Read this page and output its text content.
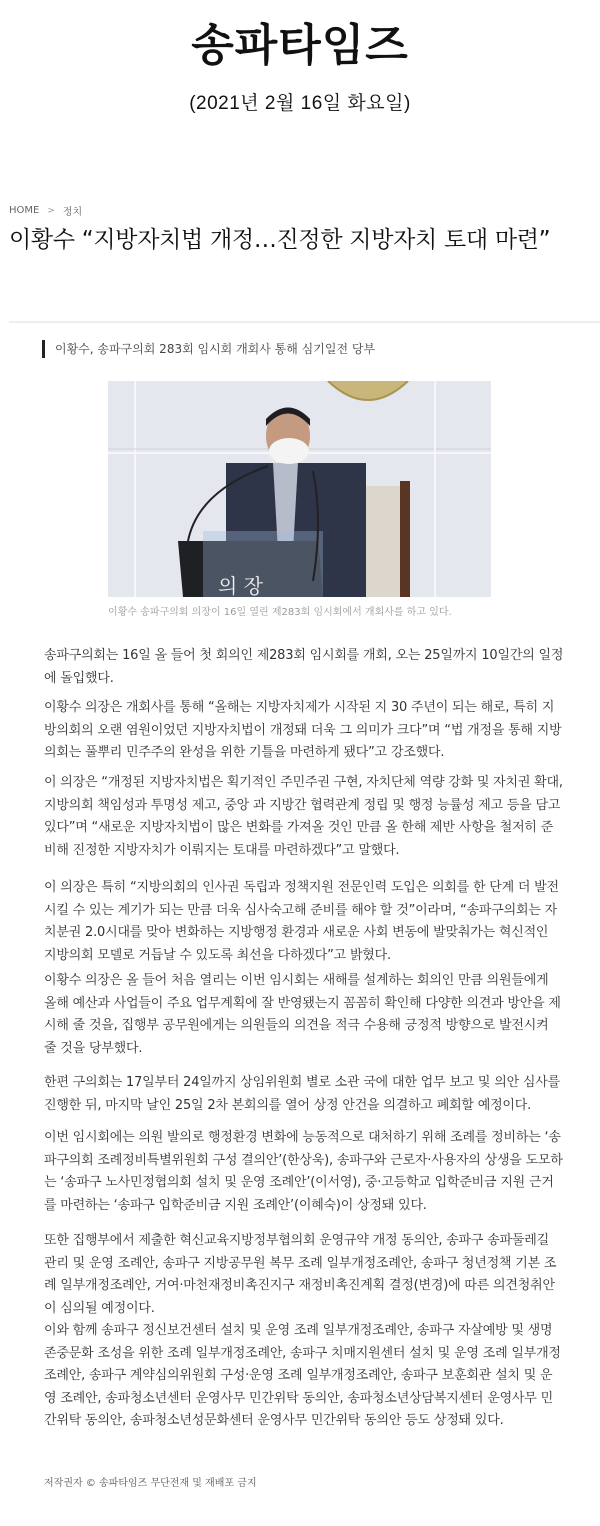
송파타임즈
(2021년 2월 16일 화요일)
HOME > 정치
이황수 “지방자치법 개정…진정한 지방자치 토대 마련”
이황수, 송파구의회 283회 임시회 개회사 통해 심기일전 당부
의 장
이황수 송파구의회 의장이 16일 열린 제283회 임시회에서 개회사를 하고 있다.

송파구의회는 16일 올 들어 첫 회의인 제283회 임시회를 개회, 오는 25일까지 10일간의 일정에 돌입했다.

이황수 의장은 개회사를 통해 “올해는 지방자치제가 시작된 지 30 주년이 되는 해로, 특히 지방의회의 오랜 염원이었던 지방자치법이 개정돼 더욱 그 의미가 크다”며 “법 개정을 통해 지방의회는 풀뿌리 민주주의 완성을 위한 기틀을 마련하게 됐다”고 강조했다.

이 의장은 “개정된 지방자치법은 획기적인 주민주권 구현, 자치단체 역량 강화 및 자치권 확대, 지방의회 책임성과 투명성 제고, 중앙 과 지방간 협력관계 정립 및 행정 능률성 제고 등을 담고 있다”며 “새로운 지방자치법이 많은 변화를 가져올 것인 만큼 올 한해 제반 사항을 철저히 준비해 진정한 지방자치가 이뤄지는 토대를 마련하겠다”고 말했다.

이 의장은 특히 “지방의회의 인사권 독립과 정책지원 전문인력 도입은 의회를 한 단계 더 발전시킬 수 있는 계기가 되는 만큼 더욱 심사숙고해 준비를 해야 할 것”이라며, “송파구의회는 자치분권 2.0시대를 맞아 변화하는 지방행정 환경과 새로운 사회 변동에 발맞춰가는 혁신적인 지방의회 모델로 거듭날 수 있도록 최선을 다하겠다”고 밝혔다.

이황수 의장은 올 들어 처음 열리는 이번 임시회는 새해를 설계하는 회의인 만큼 의원들에게 올해 예산과 사업들이 주요 업무계획에 잘 반영됐는지 꼼꼼히 확인해 다양한 의견과 방안을 제시해 줄 것을, 집행부 공무원에게는 의원들의 의견을 적극 수용해 긍정적 방향으로 발전시켜 줄 것을 당부했다.

한편 구의회는 17일부터 24일까지 상임위원회 별로 소관 국에 대한 업무 보고 및 의안 심사를 진행한 뒤, 마지막 날인 25일 2차 본회의를 열어 상정 안건을 의결하고 폐회할 예정이다.

이번 임시회에는 의원 발의로 행정환경 변화에 능동적으로 대처하기 위해 조례를 정비하는 ‘송파구의회 조례정비특별위원회 구성 결의안’(한상욱), 송파구와 근로자·사용자의 상생을 도모하는 ‘송파구 노사민정협의회 설치 및 운영 조례안’(이서영), 중·고등학교 입학준비금 지원 근거를 마련하는 ‘송파구 입학준비금 지원 조례안’(이혜숙)이 상정돼 있다.

또한 집행부에서 제출한 혁신교육지방정부협의회 운영규약 개정 동의안, 송파구 송파둘레길 관리 및 운영 조례안, 송파구 지방공무원 복무 조례 일부개정조례안, 송파구 청년정책 기본 조례 일부개정조례안, 거여·마천재정비촉진지구 재정비촉진계획 결정(변경)에 따른 의견청취안이 심의될 예정이다.

이와 함께 송파구 정신보건센터 설치 및 운영 조례 일부개정조례안, 송파구 자살예방 및 생명존중문화 조성을 위한 조례 일부개정조례안, 송파구 치매지원센터 설치 및 운영 조례 일부개정조례안, 송파구 계약심의위원회 구성·운영 조례 일부개정조례안, 송파구 보훈회관 설치 및 운영 조례안, 송파청소년센터 운영사무 민간위탁 동의안, 송파청소년상담복지센터 운영사무 민간위탁 동의안, 송파청소년성문화센터 운영사무 민간위탁 동의안 등도 상정돼 있다.

저작권자 © 송파타임즈 무단전재 및 재배포 금지
